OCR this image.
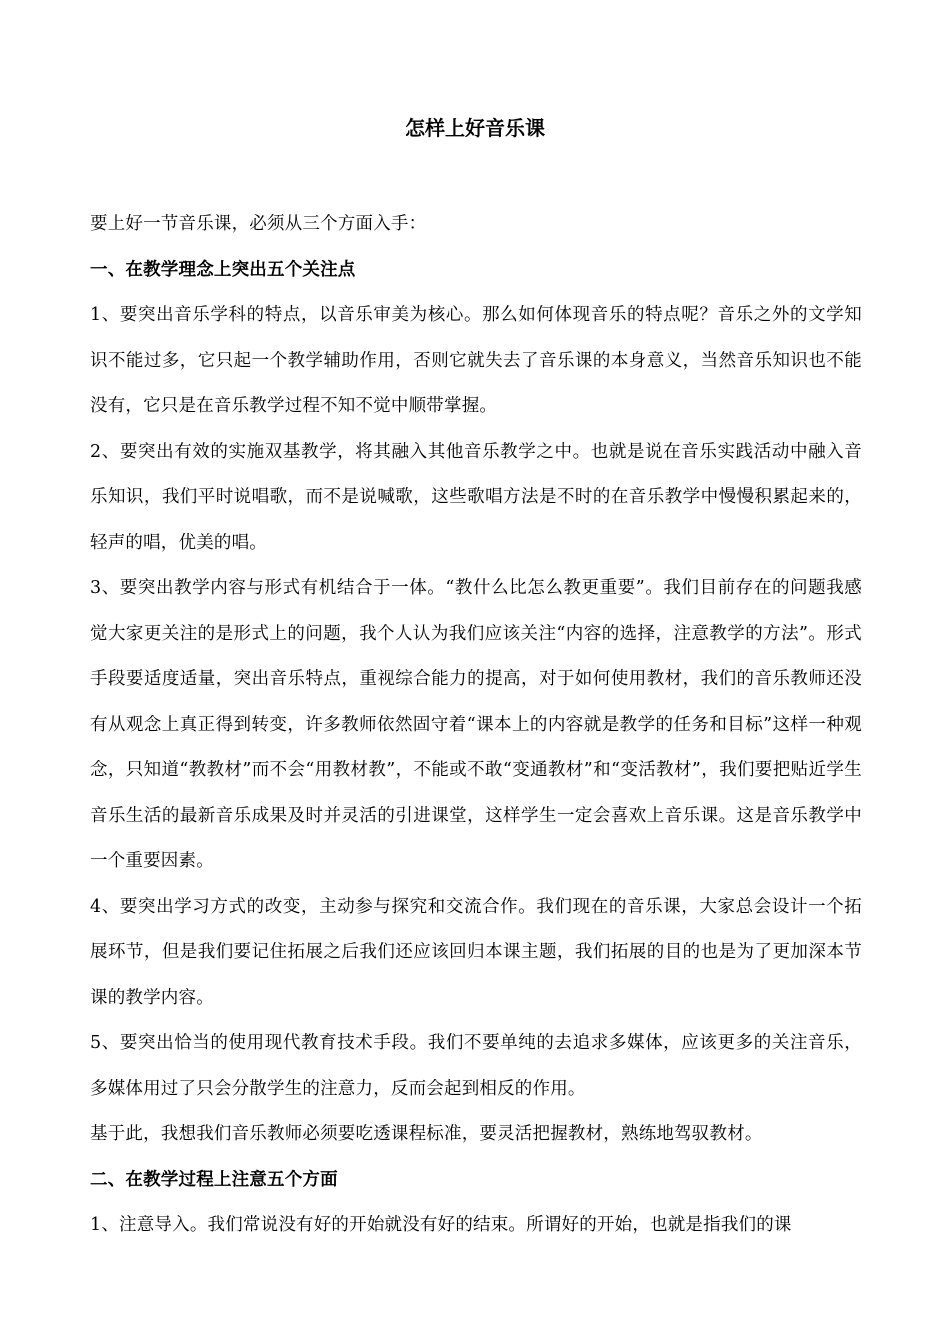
怎样上好音乐课

要上好一节音乐课，必须从三个方面入手：

一、在教学理念上突出五个关注点

1、要突出音乐学科的特点，以音乐审美为核心。那么如何体现音乐的特点呢？音乐之外的文学知识不能过多，它只起一个教学辅助作用，否则它就失去了音乐课的本身意义，当然音乐知识也不能没有，它只是在音乐教学过程不知不觉中顺带掌握。

2、要突出有效的实施双基教学，将其融入其他音乐教学之中。也就是说在音乐实践活动中融入音乐知识，我们平时说唱歌，而不是说喊歌，这些歌唱方法是不时的在音乐教学中慢慢积累起来的，轻声的唱，优美的唱。

3、要突出教学内容与形式有机结合于一体。“教什么比怎么教更重要”。我们目前存在的问题我感觉大家更关注的是形式上的问题，我个人认为我们应该关注“内容的选择，注意教学的方法”。形式手段要适度适量，突出音乐特点，重视综合能力的提高，对于如何使用教材，我们的音乐教师还没有从观念上真正得到转变，许多教师依然固守着“课本上的内容就是教学的任务和目标”这样一种观念，只知道“教教材”而不会“用教材教”，不能或不敢“变通教材”和“变活教材”，我们要把贴近学生音乐生活的最新音乐成果及时并灵活的引进课堂，这样学生一定会喜欢上音乐课。这是音乐教学中一个重要因素。

4、要突出学习方式的改变，主动参与探究和交流合作。我们现在的音乐课，大家总会设计一个拓展环节，但是我们要记住拓展之后我们还应该回归本课主题，我们拓展的目的也是为了更加深本节课的教学内容。

5、要突出恰当的使用现代教育技术手段。我们不要单纯的去追求多媒体，应该更多的关注音乐，多媒体用过了只会分散学生的注意力，反而会起到相反的作用。

基于此，我想我们音乐教师必须要吃透课程标准，要灵活把握教材，熟练地驾驭教材。

二、在教学过程上注意五个方面

1、注意导入。我们常说没有好的开始就没有好的结束。所谓好的开始，也就是指我们的课
